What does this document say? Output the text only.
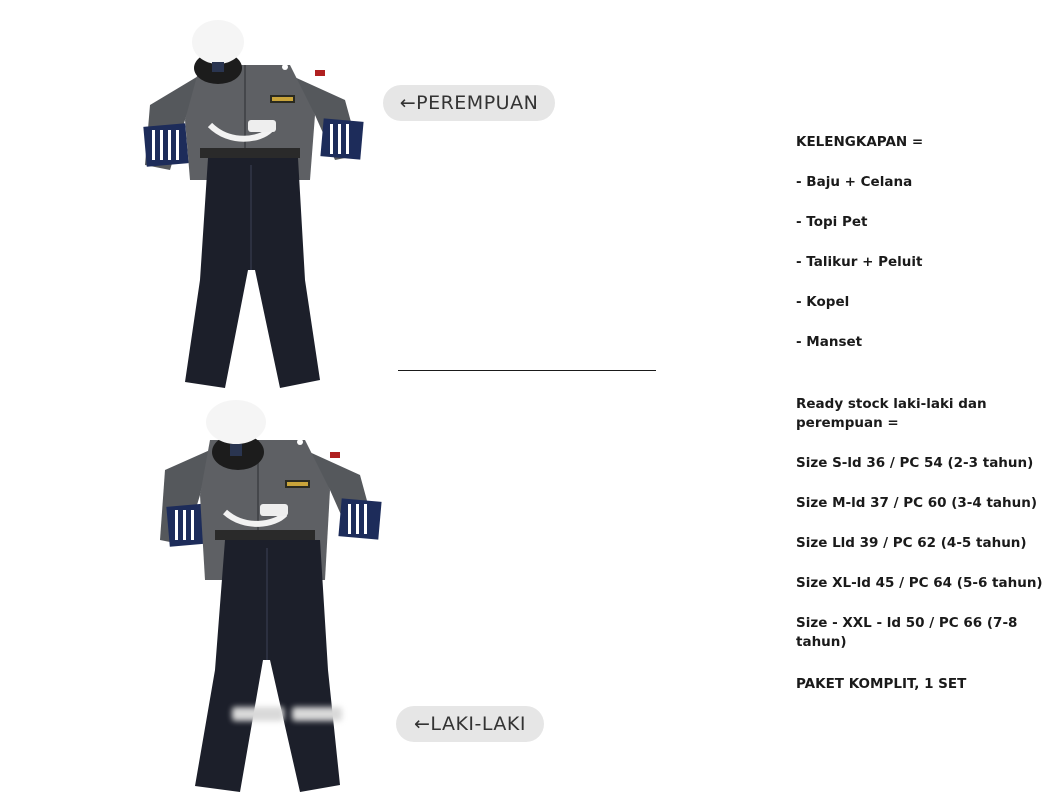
←PEREMPUAN
←LAKI-LAKI
KELENGKAPAN =
- Baju + Celana
- Topi Pet
- Talikur + Peluit
- Kopel
- Manset
Ready stock laki-laki dan
perempuan =
Size S-ld 36 / PC 54 (2-3 tahun)
Size M-ld 37 / PC 60 (3-4 tahun)
Size Lld 39 / PC 62 (4-5 tahun)
Size XL-ld 45 / PC 64 (5-6 tahun)
Size - XXL - ld 50 / PC 66 (7-8
tahun)
PAKET KOMPLIT, 1 SET
